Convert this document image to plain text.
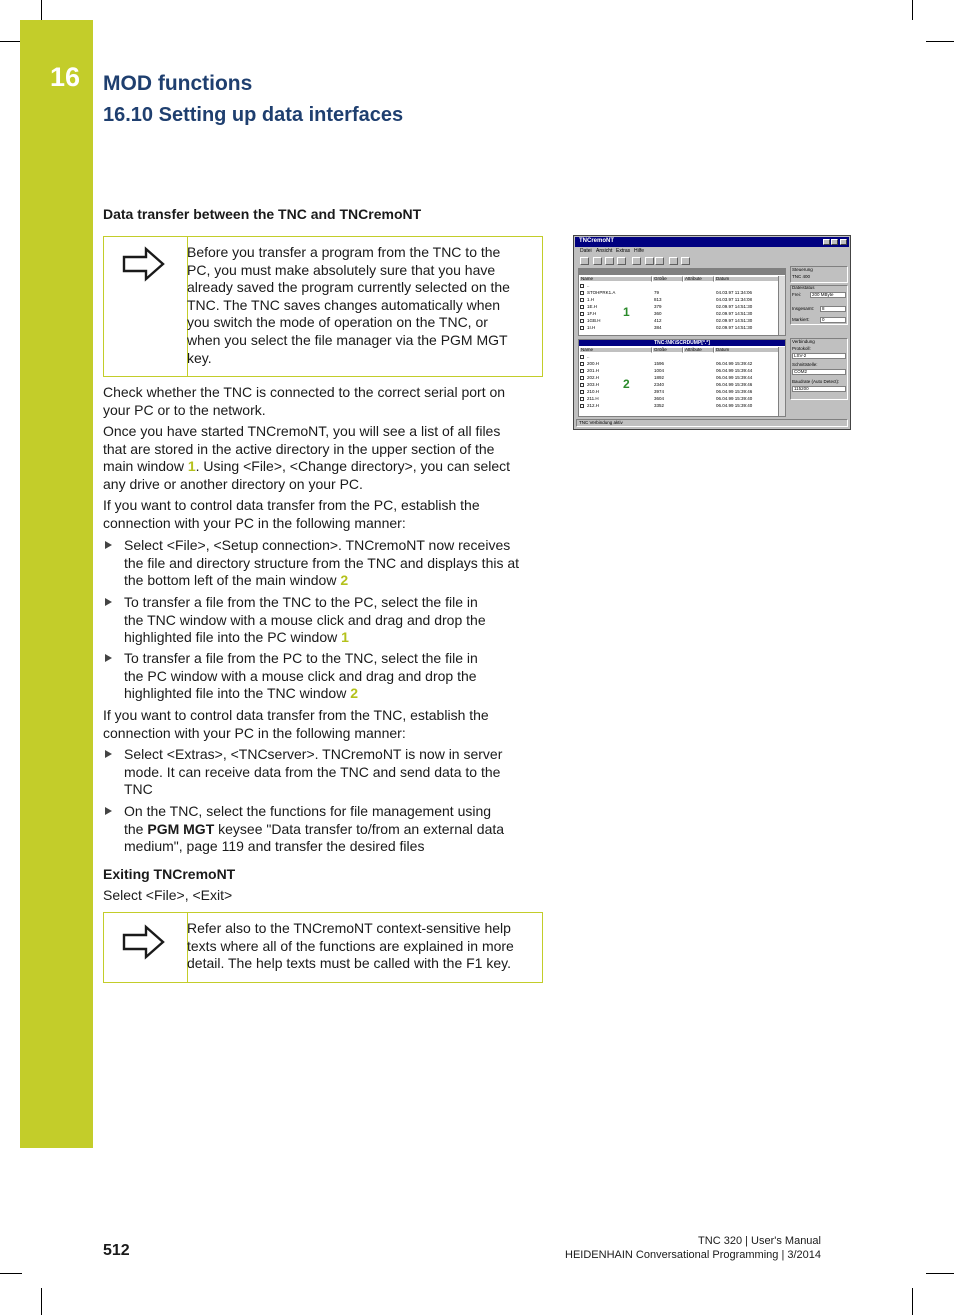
16 MOD functions
16.10 Setting up data interfaces
Data transfer between the TNC and TNCremoNT
Before you transfer a program from the TNC to the
PC, you must make absolutely sure that you have
already saved the program currently selected on the
TNC. The TNC saves changes automatically when
you switch the mode of operation on the TNC, or
when you select the file manager via the PGM MGT
key.
Check whether the TNC is connected to the correct serial port on
your PC or to the network.
Once you have started TNCremoNT, you will see a list of all files
that are stored in the active directory in the upper section of the
main window 1. Using <File>, <Change directory>, you can select
any drive or another directory on your PC.
If you want to control data transfer from the PC, establish the
connection with your PC in the following manner:
Select <File>, <Setup connection>. TNCremoNT now receives
the file and directory structure from the TNC and displays this at
the bottom left of the main window 2
To transfer a file from the TNC to the PC, select the file in
the TNC window with a mouse click and drag and drop the
highlighted file into the PC window 1
To transfer a file from the PC to the TNC, select the file in
the PC window with a mouse click and drag and drop the
highlighted file into the TNC window 2
If you want to control data transfer from the TNC, establish the
connection with your PC in the following manner:
Select <Extras>, <TNCserver>. TNCremoNT is now in server
mode. It can receive data from the TNC and send data to the
TNC
On the TNC, select the functions for file management using
the PGM MGT keysee "Data transfer to/from an external data
medium", page 119 and transfer the desired files
Exiting TNCremoNT
Select <File>, <Exit>
Refer also to the TNCremoNT context-sensitive help
texts where all of the functions are explained in more
detail. The help texts must be called with the F1 key.
TNCremoNT
Datei Ansicht Extras Hilfe
Name	Größe	Attribute	Datum
..
STOHPRK1.A	79	04.03.97 11:34:06
1.H	813	04.03.97 11:34:08
1E.H	379	02.09.97 14:51:30
1F.H	360	02.09.97 14:51:30
1GB.H	412	02.09.97 14:51:30
1I.H	384	02.09.97 14:51:30
1
TNC:\NK\SCRDUMP[*.*]
Name	Größe	Attribute	Datum
..
200.H	1596	06.04.99 15:39:42
201.H	1004	06.04.99 15:39:44
202.H	1892	06.04.99 15:39:44
203.H	2340	06.04.99 15:39:46
210.H	3974	06.04.99 15:39:46
211.H	3604	06.04.99 15:39:40
212.H	3352	06.04.99 15:39:40
2
Steuerung
TNC 400
Dateistatus
Frei:	200 MByte
Insgesamt:	8
Markiert:	0
Verbindung
Protokoll:
LSV-2
Schnittstelle:
COM2
Baudrate (Auto Detect):
115200
TNC Verbindung aktiv
512
TNC 320 | User's Manual
HEIDENHAIN Conversational Programming | 3/2014
